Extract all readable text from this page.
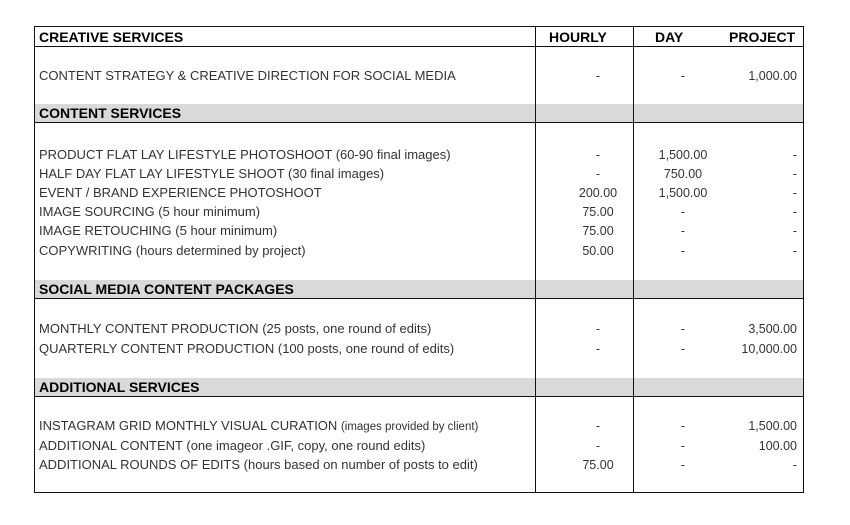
CREATIVE SERVICES	HOURLY	DAY	PROJECT
CONTENT STRATEGY & CREATIVE DIRECTION FOR SOCIAL MEDIA	-	-	1,000.00
CONTENT SERVICES
PRODUCT FLAT LAY LIFESTYLE PHOTOSHOOT (60-90 final images)	-	1,500.00	-
HALF DAY FLAT LAY LIFESTYLE SHOOT (30 final images)	-	750.00	-
EVENT / BRAND EXPERIENCE PHOTOSHOOT	200.00	1,500.00	-
IMAGE SOURCING (5 hour minimum)	75.00	-	-
IMAGE RETOUCHING (5 hour minimum)	75.00	-	-
COPYWRITING (hours determined by project)	50.00	-	-
SOCIAL MEDIA CONTENT PACKAGES
MONTHLY CONTENT PRODUCTION (25 posts, one round of edits)	-	-	3,500.00
QUARTERLY CONTENT PRODUCTION (100 posts, one round of edits)	-	-	10,000.00
ADDITIONAL SERVICES
INSTAGRAM GRID MONTHLY VISUAL CURATION (images provided by client)	-	-	1,500.00
ADDITIONAL CONTENT (one imageor .GIF, copy, one round edits)	-	-	100.00
ADDITIONAL ROUNDS OF EDITS (hours based on number of posts to edit)	75.00	-	-
